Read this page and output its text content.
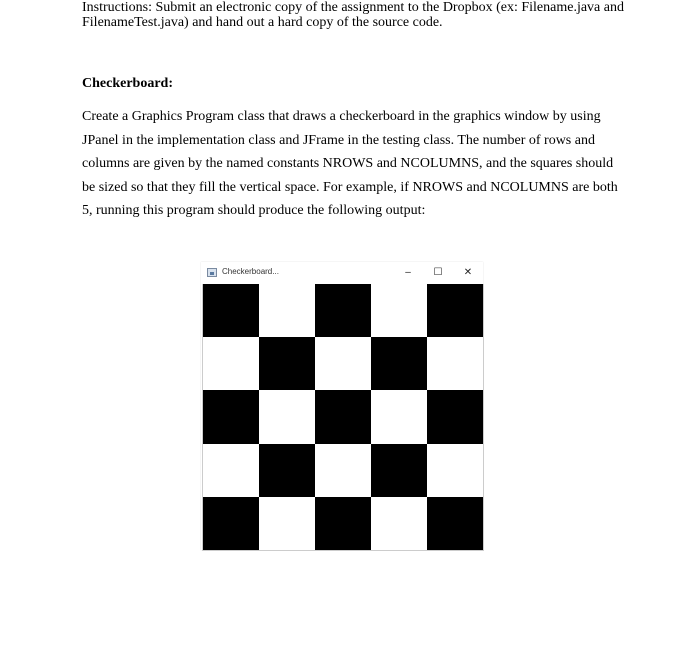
Instructions: Submit an electronic copy of the assignment to the Dropbox (ex: Filename.java and FilenameTest.java) and hand out a hard copy of the source code.

Checkerboard:

Create a Graphics Program class that draws a checkerboard in the graphics window by using JPanel in the implementation class and JFrame in the testing class. The number of rows and columns are given by the named constants NROWS and NCOLUMNS, and the squares should be sized so that they fill the vertical space. For example, if NROWS and NCOLUMNS are both 5, running this program should produce the following output:

Checkerboard...	–	☐	✕
